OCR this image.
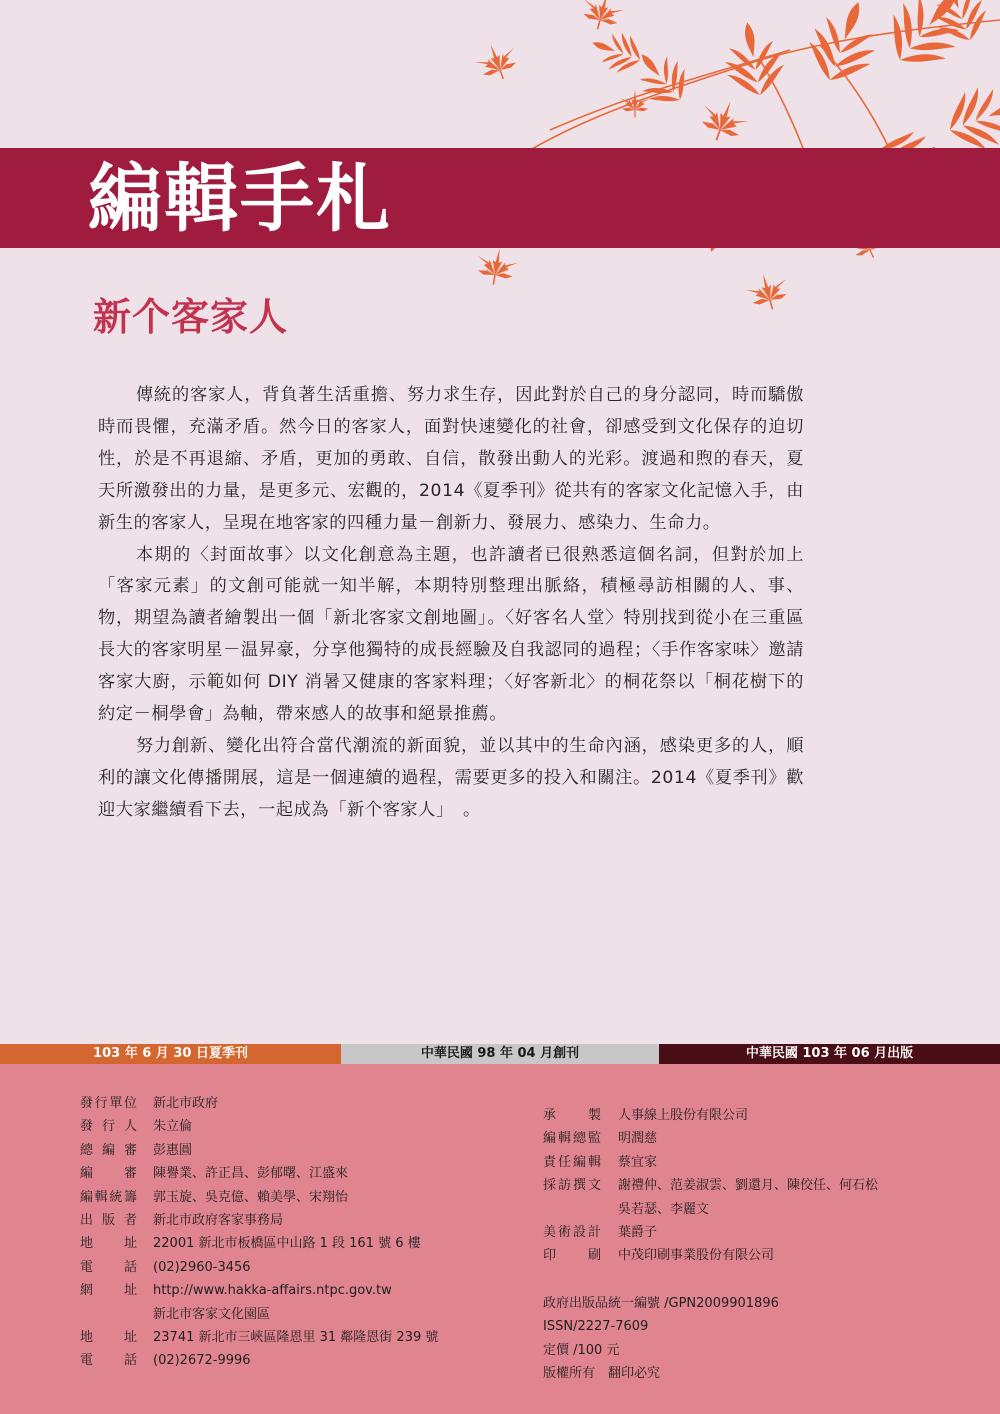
編輯手札
新个客家人

傳統的客家人，背負著生活重擔、努力求生存，因此對於自己的身分認同，時而驕傲時而畏懼，充滿矛盾。然今日的客家人，面對快速變化的社會，卻感受到文化保存的迫切性，於是不再退縮、矛盾，更加的勇敢、自信，散發出動人的光彩。渡過和煦的春天，夏天所激發出的力量，是更多元、宏觀的，2014《夏季刊》從共有的客家文化記憶入手，由新生的客家人，呈現在地客家的四種力量－創新力、發展力、感染力、生命力。

本期的〈封面故事〉以文化創意為主題，也許讀者已很熟悉這個名詞，但對於加上「客家元素」的文創可能就一知半解，本期特別整理出脈絡，積極尋訪相關的人、事、物，期望為讀者繪製出一個「新北客家文創地圖」。〈好客名人堂〉特別找到從小在三重區長大的客家明星－温昇豪，分享他獨特的成長經驗及自我認同的過程；〈手作客家味〉邀請客家大廚，示範如何 DIY 消暑又健康的客家料理；〈好客新北〉的桐花祭以「桐花樹下的約定－桐學會」為軸，帶來感人的故事和絕景推薦。

努力創新、變化出符合當代潮流的新面貌，並以其中的生命內涵，感染更多的人，順利的讓文化傳播開展，這是一個連續的過程，需要更多的投入和關注。2014《夏季刊》歡迎大家繼續看下去，一起成為「新个客家人」　。

103 年 6 月 30 日夏季刊	中華民國 98 年 04 月創刊	中華民國 103 年 06 月出版
發行單位 新北市政府
發行人 朱立倫
總編審 彭惠圓
編審 陳譽業、許正昌、彭郁曙、江盛來
編輯統籌 郭玉旋、吳克億、賴美學、宋翔怡
出版者 新北市政府客家事務局
地址 22001 新北市板橋區中山路 1 段 161 號 6 樓
電話 (02)2960-3456
網址 http://www.hakka-affairs.ntpc.gov.tw
新北市客家文化園區
地址 23741 新北市三峽區隆恩里 31 鄰隆恩街 239 號
電話 (02)2672-9996
承製 人事線上股份有限公司
編輯總監 明潤慈
責任編輯 蔡宜家
採訪撰文 謝禮仲、范姜淑雲、劉還月、陳佼任、何石松
吳若瑟、李麗文
美術設計 葉爵子
印刷 中茂印刷事業股份有限公司
政府出版品統一編號 /GPN2009901896
ISSN/2227-7609
定價 /100 元
版權所有　翻印必究
